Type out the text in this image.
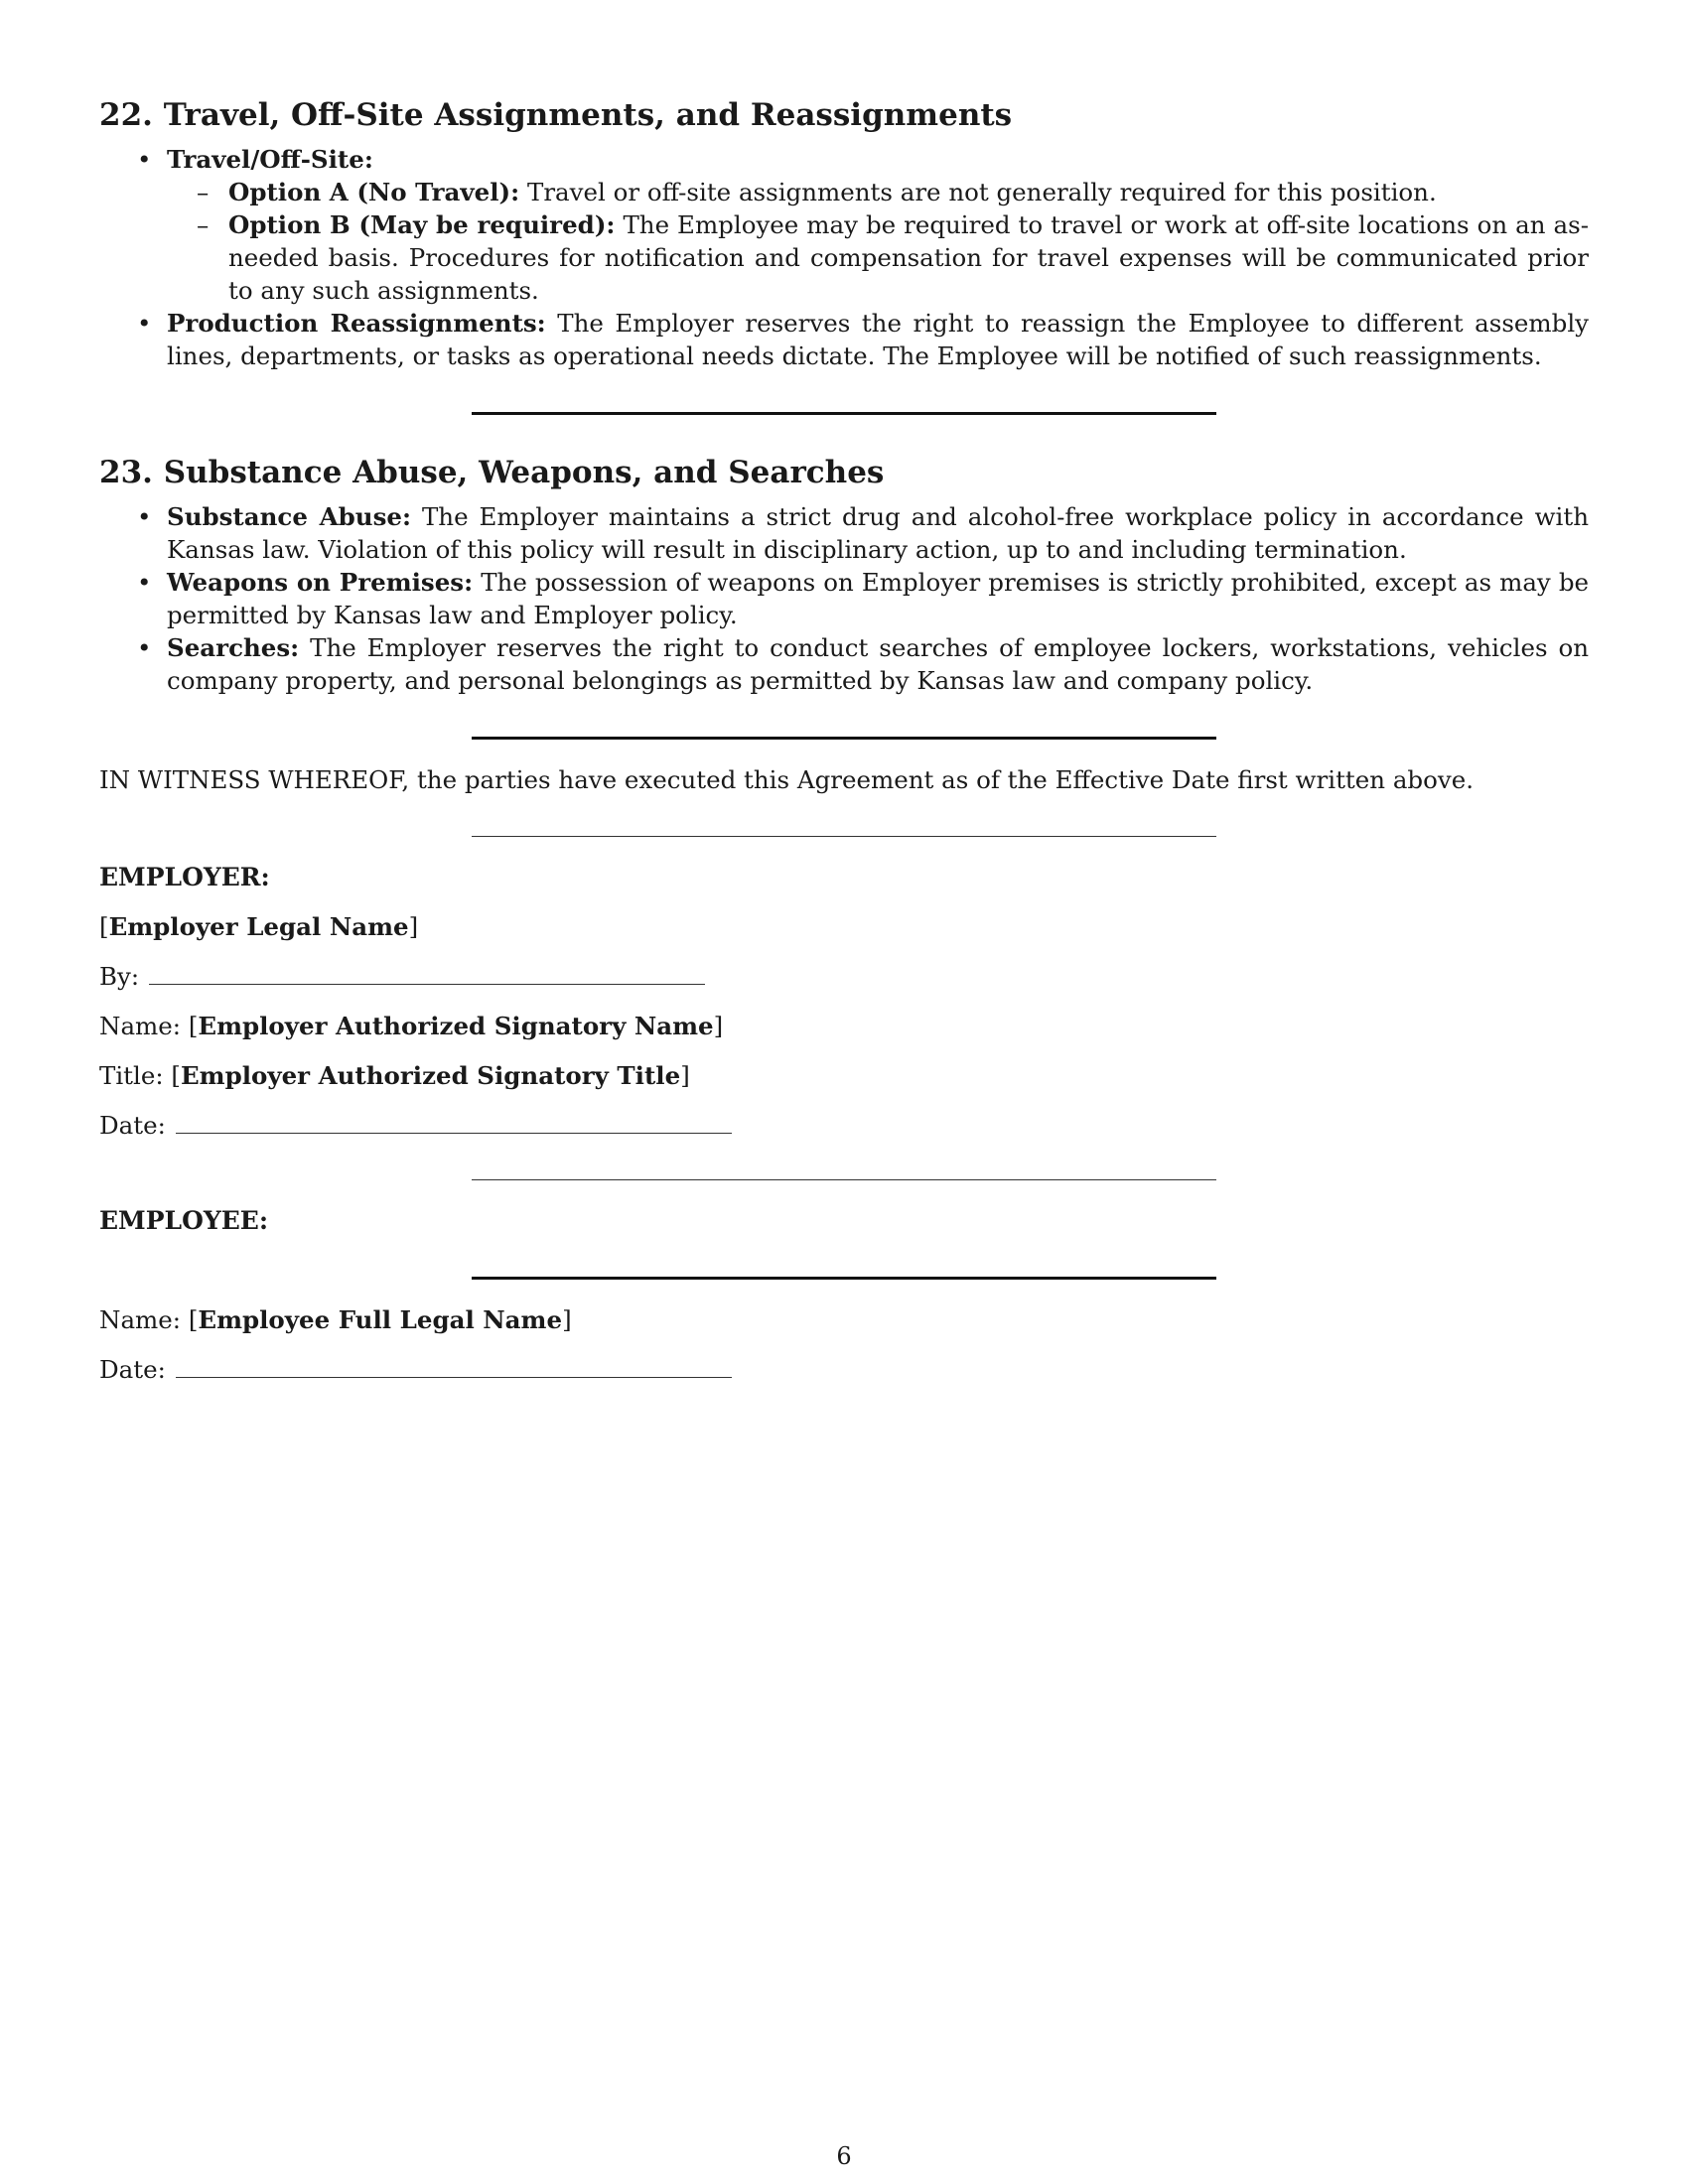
22. Travel, Off-Site Assignments, and Reassignments
• Travel/Off-Site:
– Option A (No Travel): Travel or off-site assignments are not generally required for this position.
– Option B (May be required): The Employee may be required to travel or work at off-site locations on an as-needed basis. Procedures for notification and compensation for travel expenses will be communicated prior to any such assignments.
• Production Reassignments: The Employer reserves the right to reassign the Employee to different assembly lines, departments, or tasks as operational needs dictate. The Employee will be notified of such reassignments.
23. Substance Abuse, Weapons, and Searches
• Substance Abuse: The Employer maintains a strict drug and alcohol-free workplace policy in accordance with Kansas law. Violation of this policy will result in disciplinary action, up to and including termination.
• Weapons on Premises: The possession of weapons on Employer premises is strictly prohibited, except as may be permitted by Kansas law and Employer policy.
• Searches: The Employer reserves the right to conduct searches of employee lockers, workstations, vehicles on company property, and personal belongings as permitted by Kansas law and company policy.
IN WITNESS WHEREOF, the parties have executed this Agreement as of the Effective Date first written above.
EMPLOYER:
[Employer Legal Name]
By:
Name: [Employer Authorized Signatory Name]
Title: [Employer Authorized Signatory Title]
Date:
EMPLOYEE:
Name: [Employee Full Legal Name]
Date:
6
